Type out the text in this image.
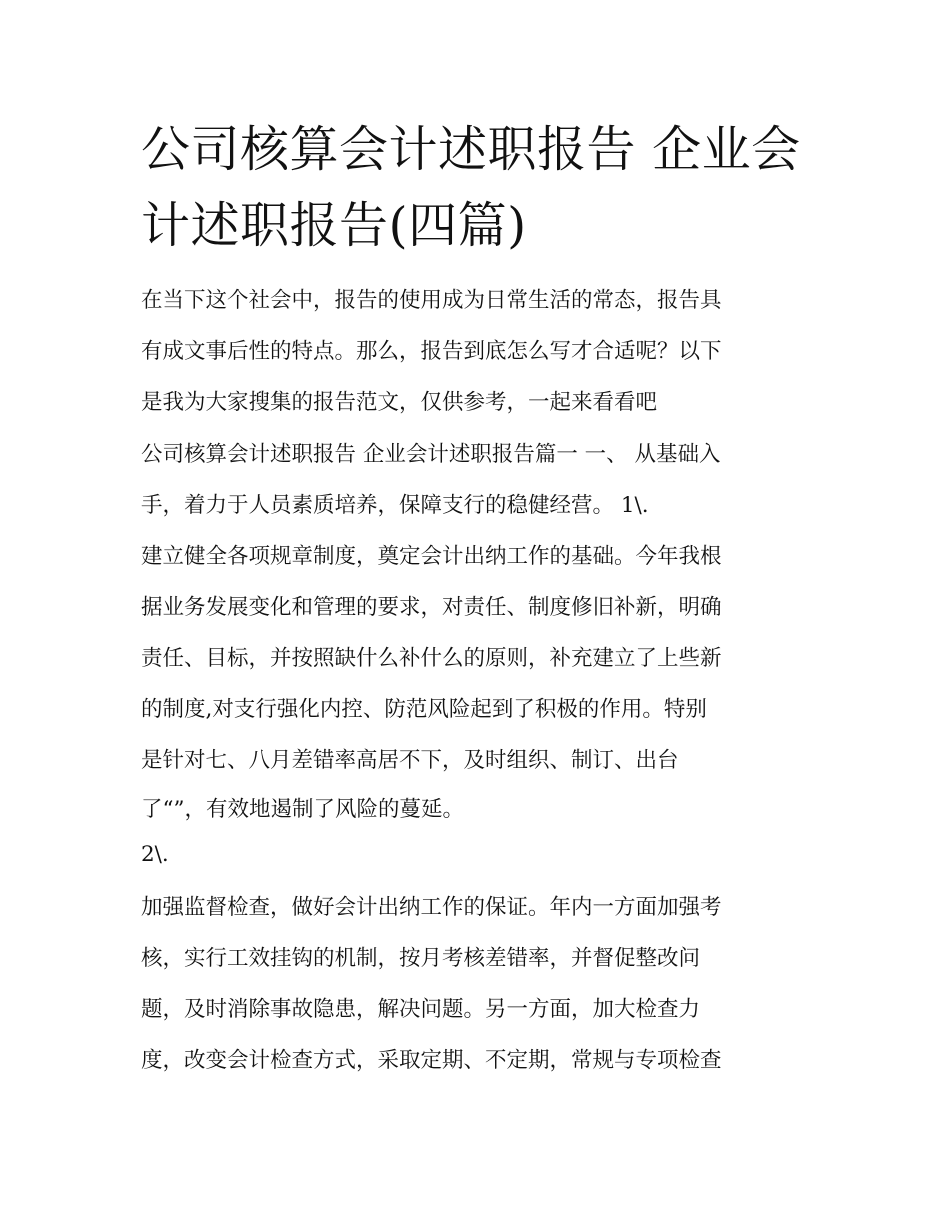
公司核算会计述职报告 企业会
计述职报告(四篇)

在当下这个社会中，报告的使用成为日常生活的常态，报告具
有成文事后性的特点。那么，报告到底怎么写才合适呢？以下
是我为大家搜集的报告范文，仅供参考，一起来看看吧

公司核算会计述职报告 企业会计述职报告篇一 一、 从基础入
手，着力于人员素质培养，保障支行的稳健经营。 1\.

建立健全各项规章制度，奠定会计出纳工作的基础。今年我根
据业务发展变化和管理的要求，对责任、制度修旧补新，明确
责任、目标，并按照缺什么补什么的原则，补充建立了上些新
的制度,对支行强化内控、防范风险起到了积极的作用。特别
是针对七、八月差错率高居不下，及时组织、制订、出台
了“”，有效地遏制了风险的蔓延。

2\.

加强监督检查，做好会计出纳工作的保证。年内一方面加强考
核，实行工效挂钩的机制，按月考核差错率，并督促整改问
题，及时消除事故隐患，解决问题。另一方面，加大检查力
度，改变会计检查方式，采取定期、不定期，常规与专项检查
